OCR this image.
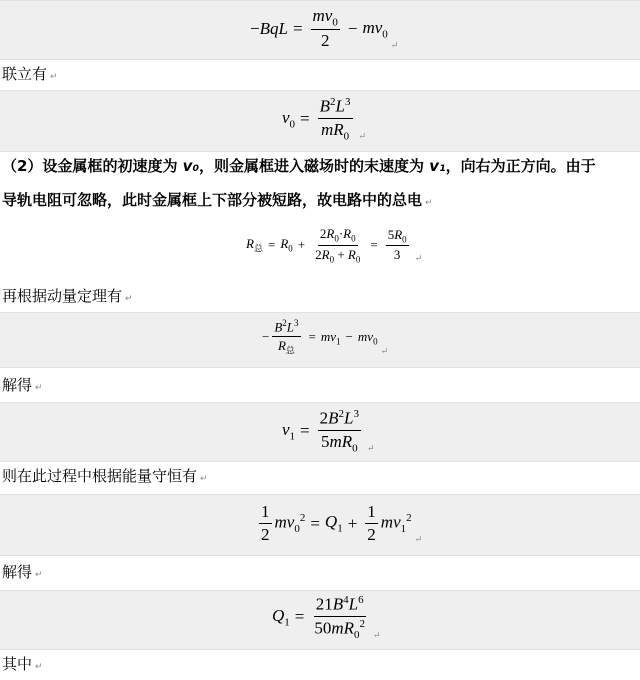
$-BqL = \frac{mv_0}{2} - mv_0$
↵
联立有 ↵
$v_0 = \frac{B^2L^3}{mR_0}$ ↵
（2）设金属框的初速度为 v₀，则金属框进入磁场时的末速度为 v₁，向右为正方向。由于
导轨电阻可忽略，此时金属框上下部分被短路，故电路中的总电 ↵
$R_总 = R_0 + \frac{2R_0\cdot R_0}{2R_0 + R_0} = \frac{5R_0}{3}$ ↵
再根据动量定理有 ↵
− $\frac{B^2L^3}{R_总} = mv_1 - mv_0$
↵
解得 ↵
$v_1 = \frac{2B^2L^3}{5mR_0}$ ↵
则在此过程中根据能量守恒有 ↵
$\frac{1}{2} mv_0^2 = Q_1 + \frac{1}{2} mv_1^2$
↵
解得 ↵
$Q_1 = \frac{21B^4L^6}{50mR_0^2}$ ↵
其中 ↵
